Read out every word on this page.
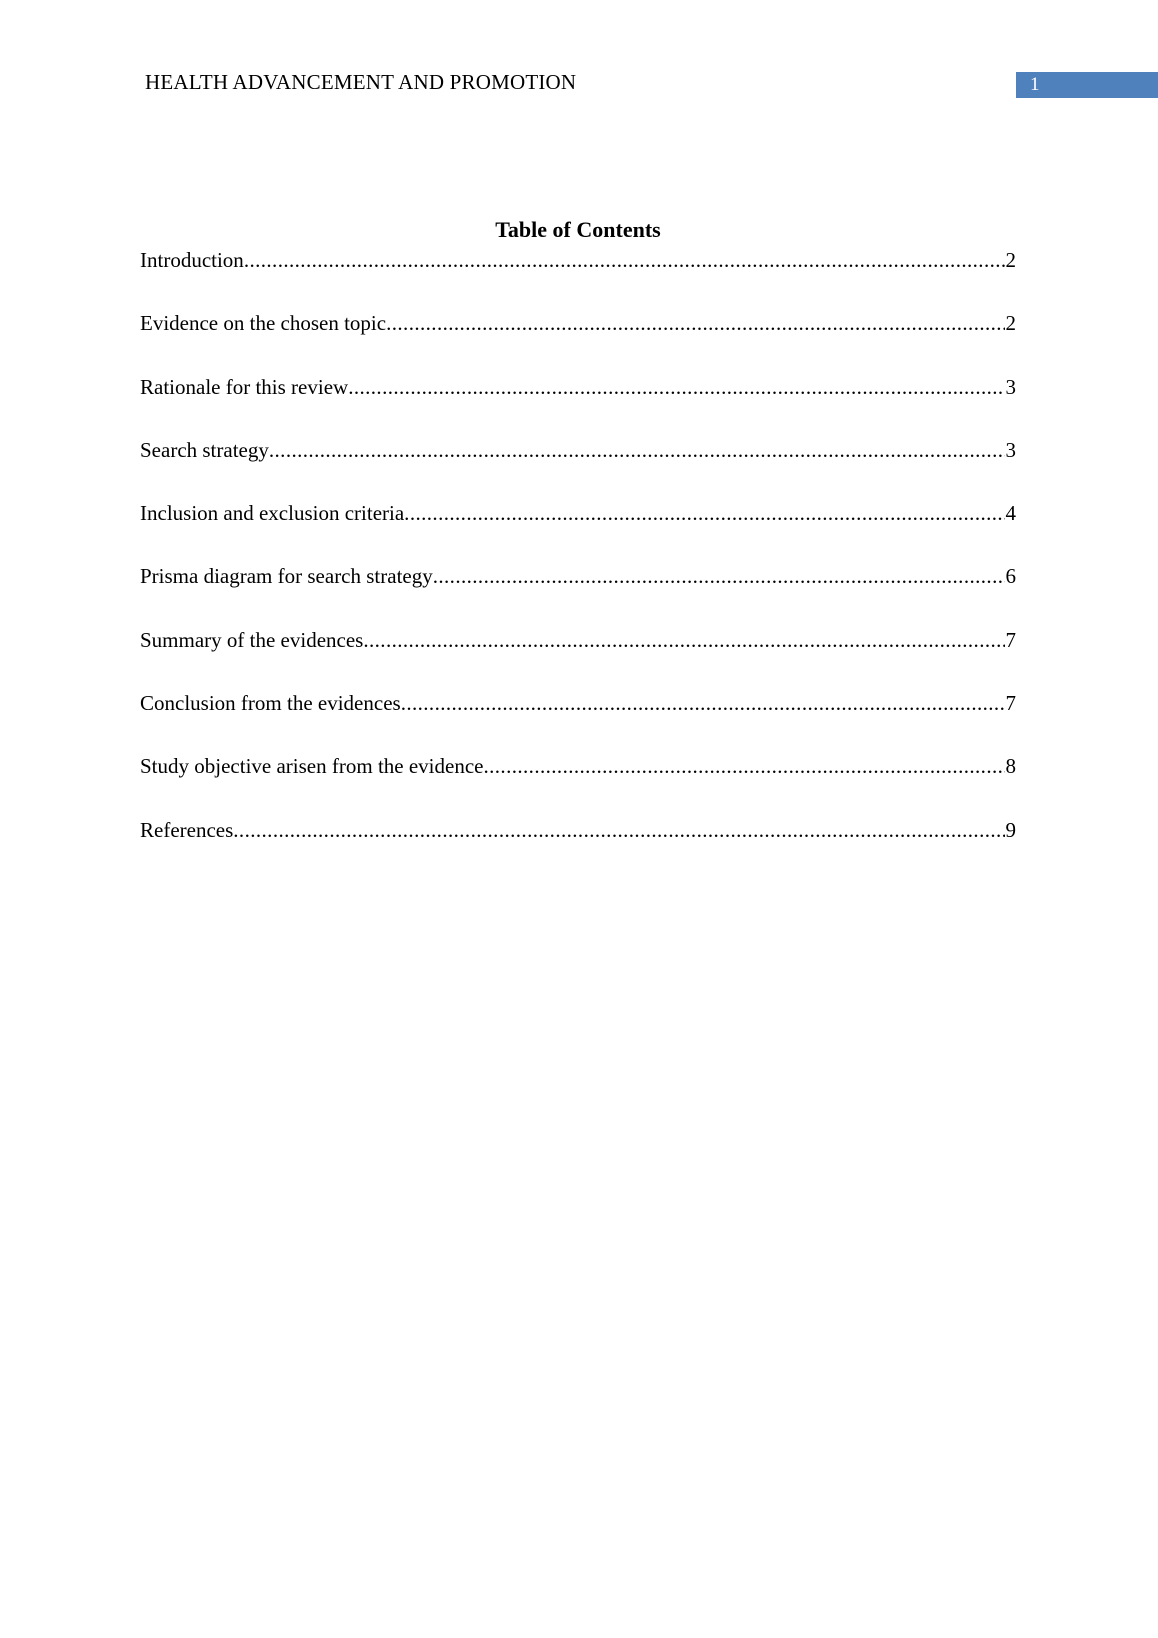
HEALTH ADVANCEMENT AND PROMOTION	1
Table of Contents
Introduction .....	2
Evidence on the chosen topic .....	2
Rationale for this review .....	3
Search strategy .....	3
Inclusion and exclusion criteria .....	4
Prisma diagram for search strategy .....	6
Summary of the evidences .....	7
Conclusion from the evidences .....	7
Study objective arisen from the evidence .....	8
References .....	9
